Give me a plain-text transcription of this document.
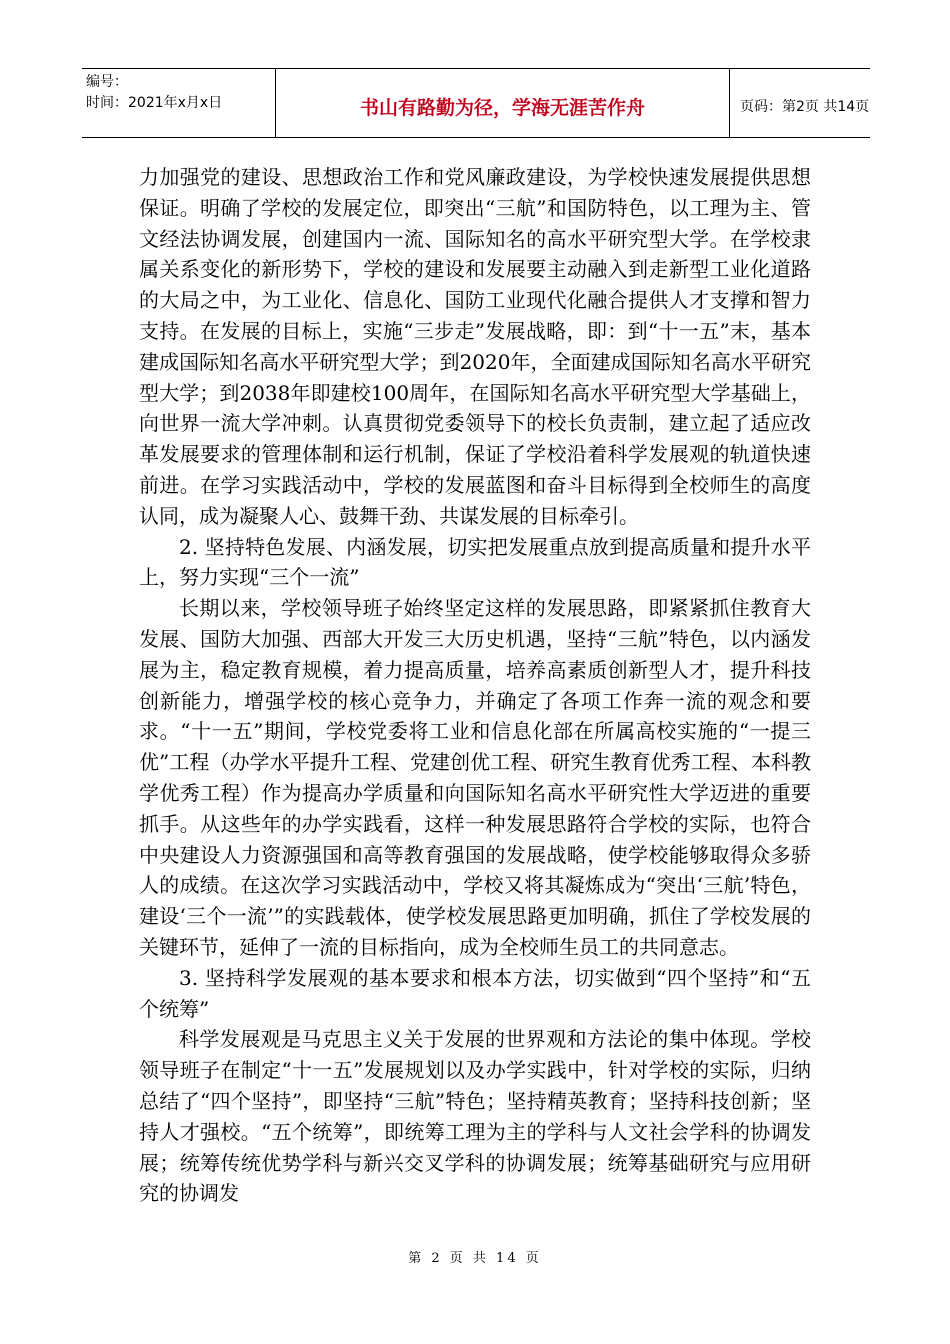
编号：
时间：2021年x月x日	书山有路勤为径，学海无涯苦作舟	页码：第2页 共14页

力加强党的建设、思想政治工作和党风廉政建设，为学校快速发展提供思想保证。明确了学校的发展定位，即突出“三航”和国防特色，以工理为主、管文经法协调发展，创建国内一流、国际知名的高水平研究型大学。在学校隶属关系变化的新形势下，学校的建设和发展要主动融入到走新型工业化道路的大局之中，为工业化、信息化、国防工业现代化融合提供人才支撑和智力支持。在发展的目标上，实施“三步走”发展战略，即：到“十一五”末，基本建成国际知名高水平研究型大学；到2020年，全面建成国际知名高水平研究型大学；到2038年即建校100周年，在国际知名高水平研究型大学基础上，向世界一流大学冲刺。认真贯彻党委领导下的校长负责制，建立起了适应改革发展要求的管理体制和运行机制，保证了学校沿着科学发展观的轨道快速前进。在学习实践活动中，学校的发展蓝图和奋斗目标得到全校师生的高度认同，成为凝聚人心、鼓舞干劲、共谋发展的目标牵引。

2. 坚持特色发展、内涵发展，切实把发展重点放到提高质量和提升水平上，努力实现“三个一流”

长期以来，学校领导班子始终坚定这样的发展思路，即紧紧抓住教育大发展、国防大加强、西部大开发三大历史机遇，坚持“三航”特色，以内涵发展为主，稳定教育规模，着力提高质量，培养高素质创新型人才，提升科技创新能力，增强学校的核心竞争力，并确定了各项工作奔一流的观念和要求。“十一五”期间，学校党委将工业和信息化部在所属高校实施的“一提三优”工程（办学水平提升工程、党建创优工程、研究生教育优秀工程、本科教学优秀工程）作为提高办学质量和向国际知名高水平研究性大学迈进的重要抓手。从这些年的办学实践看，这样一种发展思路符合学校的实际，也符合中央建设人力资源强国和高等教育强国的发展战略，使学校能够取得众多骄人的成绩。在这次学习实践活动中，学校又将其凝炼成为“突出‘三航’特色，建设‘三个一流’”的实践载体，使学校发展思路更加明确，抓住了学校发展的关键环节，延伸了一流的目标指向，成为全校师生员工的共同意志。

3. 坚持科学发展观的基本要求和根本方法，切实做到“四个坚持”和“五个统筹”

科学发展观是马克思主义关于发展的世界观和方法论的集中体现。学校领导班子在制定“十一五”发展规划以及办学实践中，针对学校的实际，归纳总结了“四个坚持”，即坚持“三航”特色；坚持精英教育；坚持科技创新；坚持人才强校。“五个统筹”，即统筹工理为主的学科与人文社会学科的协调发展；统筹传统优势学科与新兴交叉学科的协调发展；统筹基础研究与应用研究的协调发

第 2 页 共 14 页
